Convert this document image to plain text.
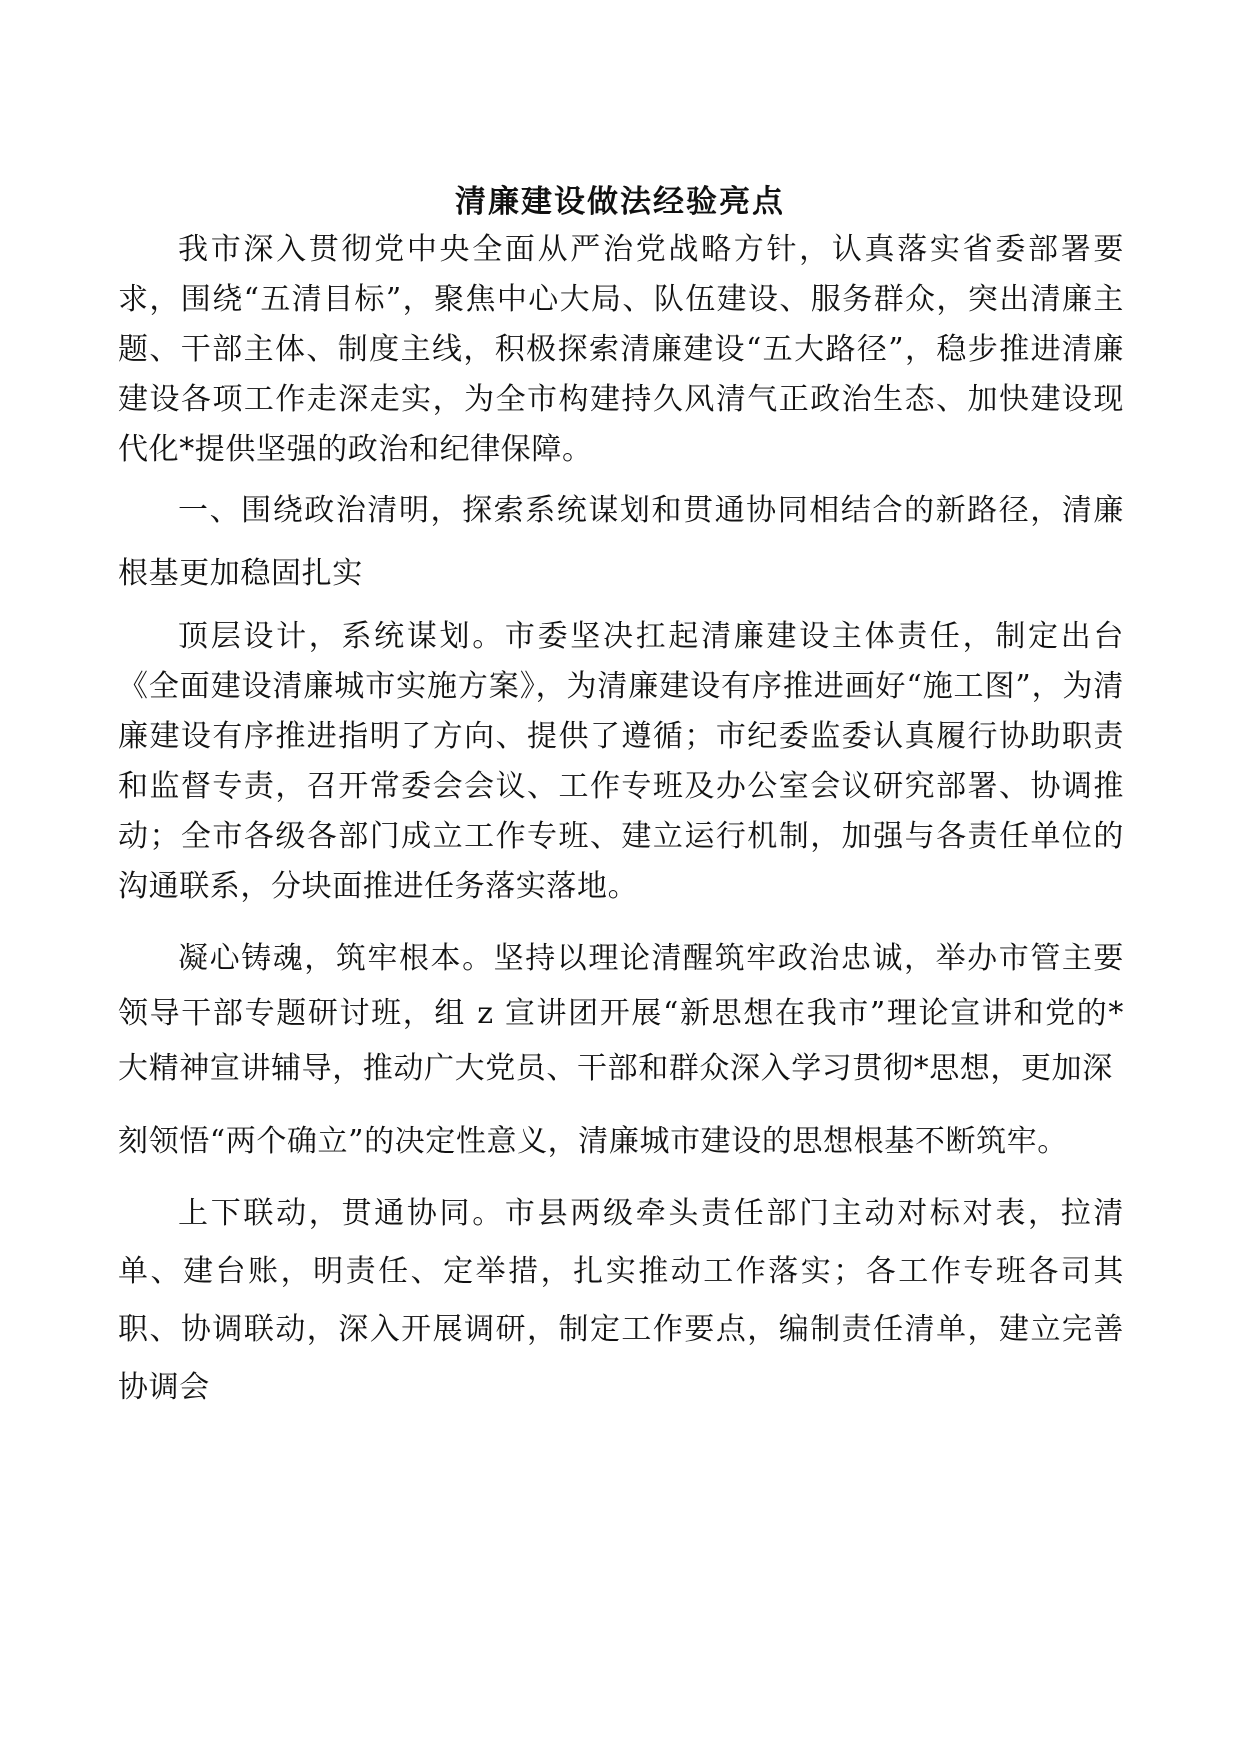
清廉建设做法经验亮点

我市深入贯彻党中央全面从严治党战略方针，认真落实省委部署要求，围绕“五清目标”，聚焦中心大局、队伍建设、服务群众，突出清廉主题、干部主体、制度主线，积极探索清廉建设“五大路径”，稳步推进清廉建设各项工作走深走实，为全市构建持久风清气正政治生态、加快建设现代化*提供坚强的政治和纪律保障。

一、围绕政治清明，探索系统谋划和贯通协同相结合的新路径，清廉根基更加稳固扎实

顶层设计，系统谋划。市委坚决扛起清廉建设主体责任，制定出台《全面建设清廉城市实施方案》，为清廉建设有序推进画好“施工图”，为清廉建设有序推进指明了方向、提供了遵循；市纪委监委认真履行协助职责和监督专责，召开常委会会议、工作专班及办公室会议研究部署、协调推动；全市各级各部门成立工作专班、建立运行机制，加强与各责任单位的沟通联系，分块面推进任务落实落地。

凝心铸魂，筑牢根本。坚持以理论清醒筑牢政治忠诚，举办市管主要领导干部专题研讨班，组 z 宣讲团开展“新思想在我市”理论宣讲和党的* 大精神宣讲辅导，推动广大党员、干部和群众深入学习贯彻*思想，更加深

刻领悟“两个确立”的决定性意义，清廉城市建设的思想根基不断筑牢。

上下联动，贯通协同。市县两级牵头责任部门主动对标对表，拉清单、建台账，明责任、定举措，扎实推动工作落实；各工作专班各司其职、协调联动，深入开展调研，制定工作要点，编制责任清单，建立完善协调会
